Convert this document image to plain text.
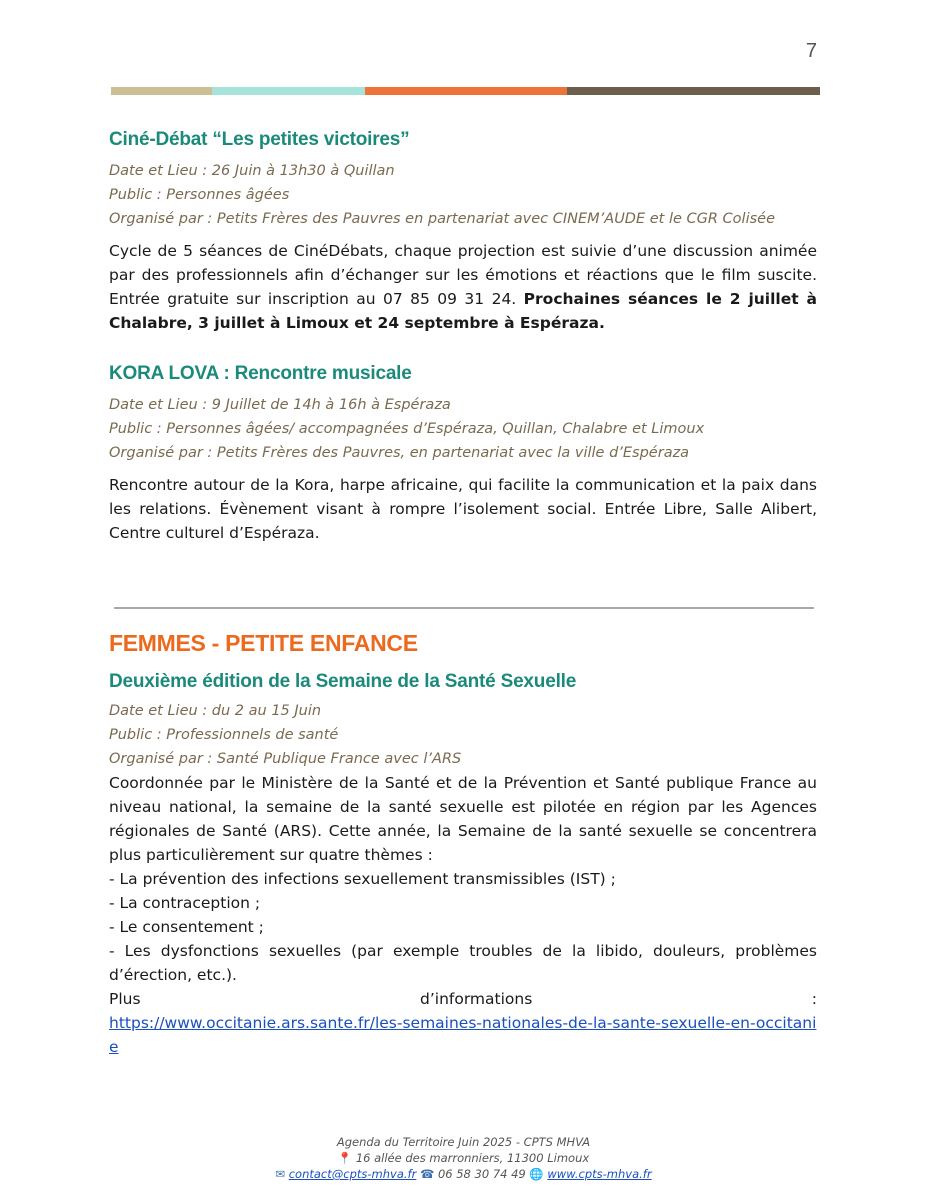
7
Ciné-Débat “Les petites victoires”

Date et Lieu : 26 Juin à 13h30 à Quillan

Public : Personnes âgées

Organisé par : Petits Frères des Pauvres en partenariat avec CINEM’AUDE et le CGR Colisée

Cycle de 5 séances de CinéDébats, chaque projection est suivie d’une discussion animée par des professionnels afin d’échanger sur les émotions et réactions que le film suscite. Entrée gratuite sur inscription au 07 85 09 31 24. Prochaines séances le 2 juillet à Chalabre, 3 juillet à Limoux et 24 septembre à Espéraza.

KORA LOVA : Rencontre musicale

Date et Lieu : 9 Juillet de 14h à 16h à Espéraza

Public : Personnes âgées/ accompagnées d’Espéraza, Quillan, Chalabre et Limoux

Organisé par : Petits Frères des Pauvres, en partenariat avec la ville d’Espéraza

Rencontre autour de la Kora, harpe africaine, qui facilite la communication et la paix dans les relations. Évènement visant à rompre l’isolement social. Entrée Libre, Salle Alibert, Centre culturel d’Espéraza.

FEMMES - PETITE ENFANCE
Deuxième édition de la Semaine de la Santé Sexuelle

Date et Lieu : du 2 au 15 Juin

Public : Professionnels de santé

Organisé par : Santé Publique France avec l’ARS

Coordonnée par le Ministère de la Santé et de la Prévention et Santé publique France au niveau national, la semaine de la santé sexuelle est pilotée en région par les Agences régionales de Santé (ARS). Cette année, la Semaine de la santé sexuelle se concentrera plus particulièrement sur quatre thèmes :

- La prévention des infections sexuellement transmissibles (IST) ;

- La contraception ;

- Le consentement ;

- Les dysfonctions sexuelles (par exemple troubles de la libido, douleurs, problèmes d’érection, etc.).

Plus	d’informations	:
https://www.occitanie.ars.sante.fr/les-semaines-nationales-de-la-sante-sexuelle-en-occitanie
Agenda du Territoire Juin 2025 - CPTS MHVA
📍 16 allée des marronniers, 11300 Limoux
✉ contact@cpts-mhva.fr ☎ 06 58 30 74 49 🌐 www.cpts-mhva.fr
